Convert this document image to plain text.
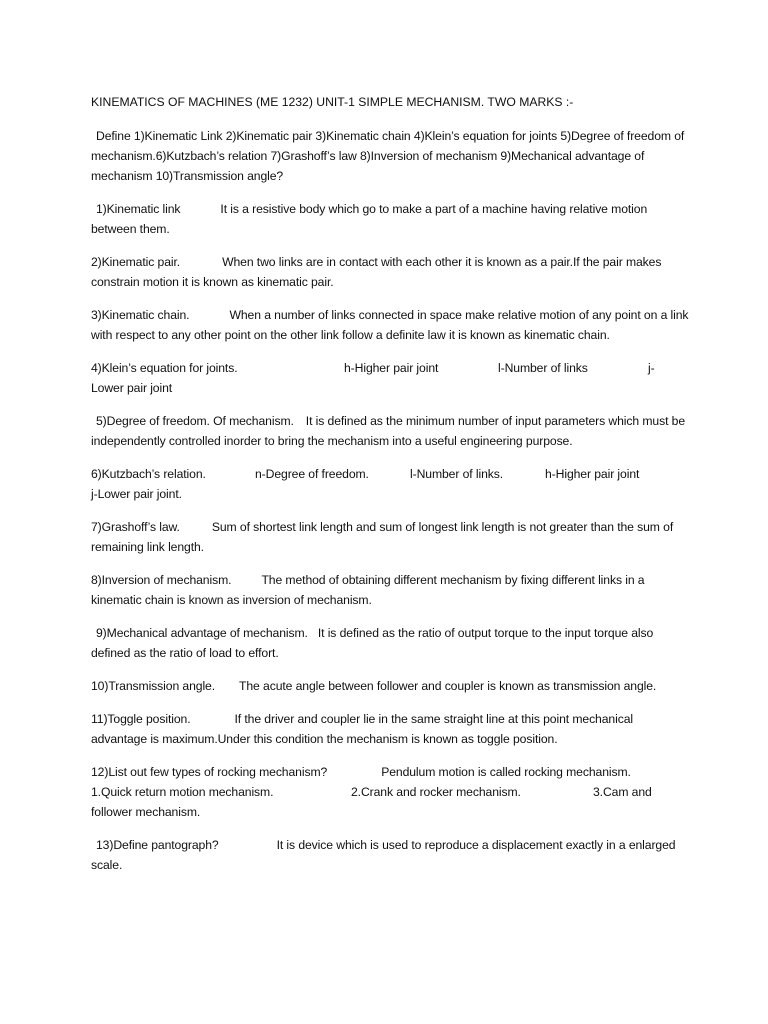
KINEMATICS OF MACHINES (ME 1232) UNIT-1 SIMPLE MECHANISM. TWO MARKS :-

Define 1)Kinematic Link 2)Kinematic pair 3)Kinematic chain 4)Klein’s equation for joints 5)Degree of freedom of mechanism.6)Kutzbach’s relation 7)Grashoff’s law 8)Inversion of mechanism 9)Mechanical advantage of mechanism 10)Transmission angle?

1)Kinematic link	It is a resistive body which go to make a part of a machine having relative motion between them.

2)Kinematic pair.	When two links are in contact with each other it is known as a pair.If the pair makes constrain motion it is known as kinematic pair.

3)Kinematic chain.	When a number of links connected in space make relative motion of any point on a link with respect to any other point on the other link follow a definite law it is known as kinematic chain.

4)Klein’s equation for joints.	h-Higher pair joint	l-Number of links	j-
Lower pair joint

5)Degree of freedom. Of mechanism. It is defined as the minimum number of input parameters which must be independently controlled inorder to bring the mechanism into a useful engineering purpose.

6)Kutzbach’s relation.	n-Degree of freedom.	l-Number of links.	h-Higher pair joint
j-Lower pair joint.

7)Grashoff’s law.	Sum of shortest link length and sum of longest link length is not greater than the sum of remaining link length.

8)Inversion of mechanism. The method of obtaining different mechanism by fixing different links in a kinematic chain is known as inversion of mechanism.

9)Mechanical advantage of mechanism. It is defined as the ratio of output torque to the input torque also defined as the ratio of load to effort.

10)Transmission angle. The acute angle between follower and coupler is known as transmission angle.

11)Toggle position.	If the driver and coupler lie in the same straight line at this point mechanical advantage is maximum.Under this condition the mechanism is known as toggle position.

12)List out few types of rocking mechanism?	Pendulum motion is called rocking mechanism.
1.Quick return motion mechanism.	2.Crank and rocker mechanism.	3.Cam and
follower mechanism.

13)Define pantograph?	It is device which is used to reproduce a displacement exactly in a enlarged scale.
